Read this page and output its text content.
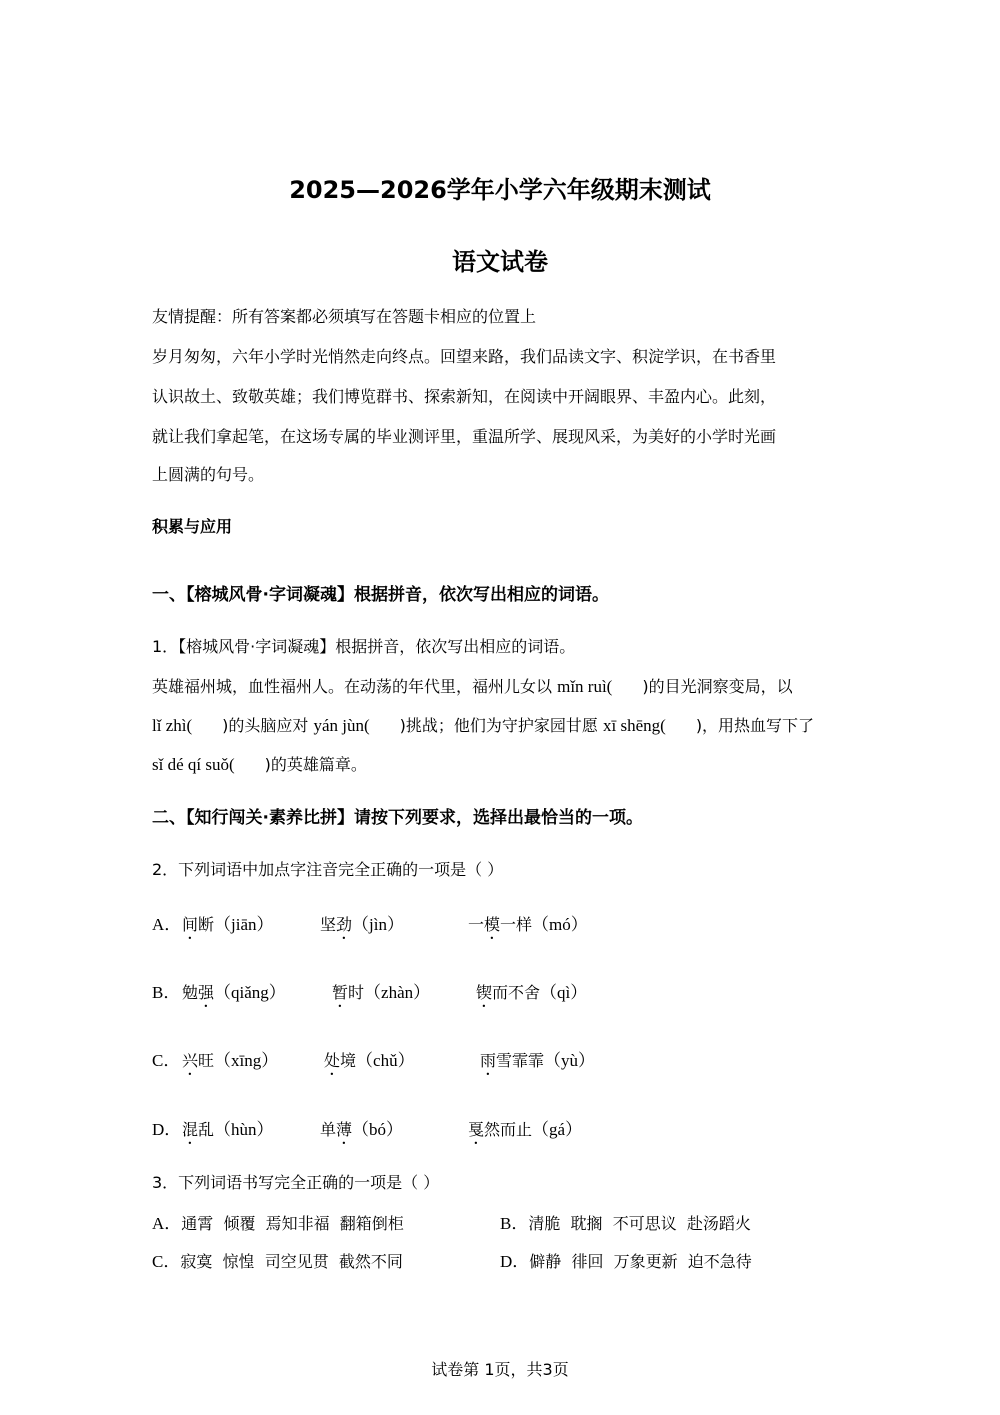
2025—2026学年小学六年级期末测试
语文试卷
友情提醒：所有答案都必须填写在答题卡相应的位置上
岁月匆匆，六年小学时光悄然走向终点。回望来路，我们品读文字、积淀学识，在书香里
认识故土、致敬英雄；我们博览群书、探索新知，在阅读中开阔眼界、丰盈内心。此刻，
就让我们拿起笔，在这场专属的毕业测评里，重温所学、展现风采，为美好的小学时光画
上圆满的句号。
积累与应用
一、【榕城风骨·字词凝魂】根据拼音，依次写出相应的词语。
1．【榕城风骨·字词凝魂】根据拼音，依次写出相应的词语。
英雄福州城，血性福州人。在动荡的年代里，福州儿女以 mǐn ruì( )的目光洞察变局，以
lǐ zhì( )的头脑应对 yán jùn( )挑战；他们为守护家园甘愿 xī shēng( )，用热血写下了
sǐ dé qí suǒ( )的英雄篇章。
二、【知行闯关·素养比拼】请按下列要求，选择出最恰当的一项。
2．下列词语中加点字注音完全正确的一项是（ ）
A． 间断（jiān）	坚劲（jìn）	一模一样（mó）
B． 勉强（qiǎng）	暂时（zhàn）	锲而不舍（qì）
C． 兴旺（xīng）	处境（chǔ）	雨雪霏霏（yù）
D． 混乱（hùn）	单薄（bó）	戛然而止（gá）
3．下列词语书写完全正确的一项是（ ）
A．通霄  倾覆  焉知非福  翻箱倒柜	B．清脆  耽搁  不可思议  赴汤蹈火
C．寂寞  惊惶  司空见贯  截然不同	D．僻静  徘回  万象更新  迫不急待
试卷第 1页，共3页
